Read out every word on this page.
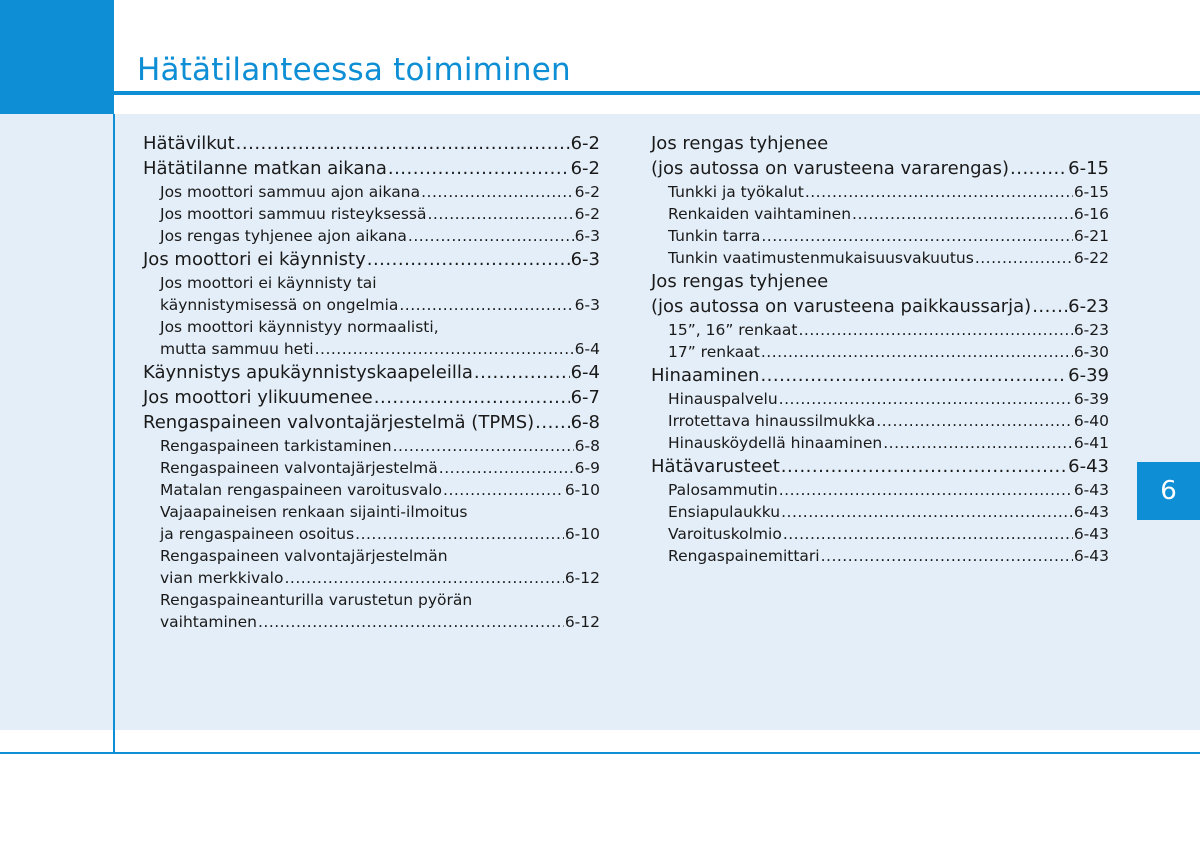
Hätätilanteessa toimiminen
6
Hätävilkut .....	6-2
Hätätilanne matkan aikana .....	6-2
Jos moottori sammuu ajon aikana .....	6-2
Jos moottori sammuu risteyksessä .....	6-2
Jos rengas tyhjenee ajon aikana .....	6-3
Jos moottori ei käynnisty .....	6-3
Jos moottori ei käynnisty tai
käynnistymisessä on ongelmia .....	6-3
Jos moottori käynnistyy normaalisti,
mutta sammuu heti .....	6-4
Käynnistys apukäynnistyskaapeleilla .....	6-4
Jos moottori ylikuumenee .....	6-7
Rengaspaineen valvontajärjestelmä (TPMS) ..... 6-8
Rengaspaineen tarkistaminen .....	6-8
Rengaspaineen valvontajärjestelmä .....	6-9
Matalan rengaspaineen varoitusvalo .....	6-10
Vajaapaineisen renkaan sijainti-ilmoitus
ja rengaspaineen osoitus .....	6-10
Rengaspaineen valvontajärjestelmän
vian merkkivalo .....	6-12
Rengaspaineanturilla varustetun pyörän
vaihtaminen .....	6-12
Jos rengas tyhjenee
(jos autossa on varusteena vararengas) .....	6-15
Tunkki ja työkalut .....	6-15
Renkaiden vaihtaminen .....	6-16
Tunkin tarra .....	6-21
Tunkin vaatimustenmukaisuusvakuutus .....	6-22
Jos rengas tyhjenee
(jos autossa on varusteena paikkaussarja) ..... 6-23
15”, 16” renkaat .....	6-23
17” renkaat .....	6-30
Hinaaminen .....	6-39
Hinauspalvelu .....	6-39
Irrotettava hinaussilmukka .....	6-40
Hinausköydellä hinaaminen .....	6-41
Hätävarusteet .....	6-43
Palosammutin .....	6-43
Ensiapulaukku .....	6-43
Varoituskolmio .....	6-43
Rengaspainemittari .....	6-43
